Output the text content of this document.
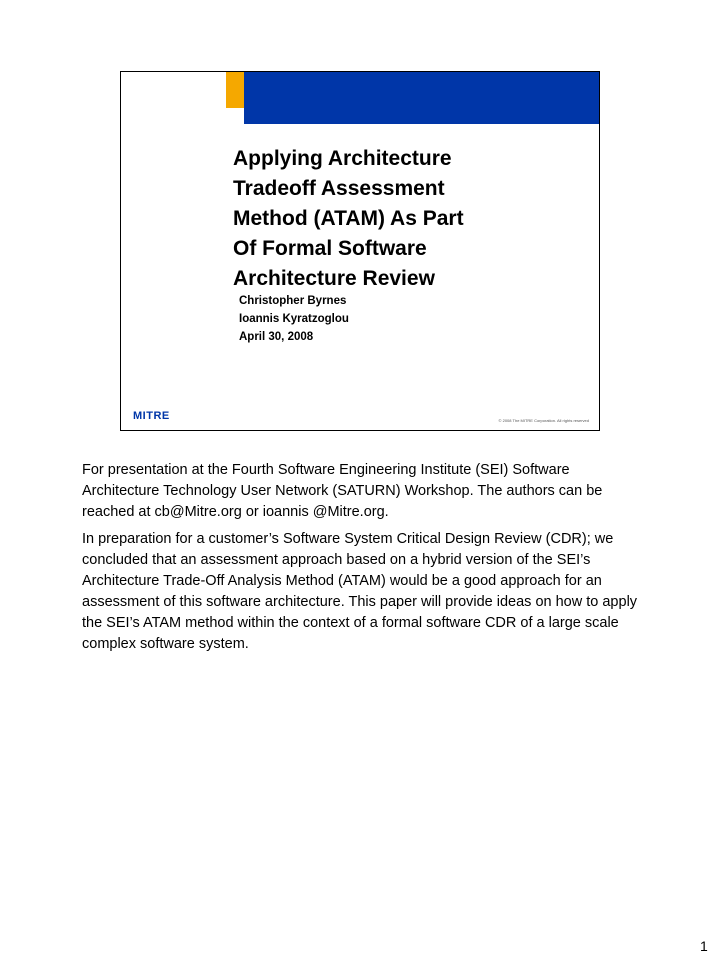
Applying Architecture
Tradeoff Assessment
Method (ATAM) As Part
Of Formal Software
Architecture Review
Christopher Byrnes
Ioannis Kyratzoglou
April 30, 2008
MITRE	© 2008 The MITRE Corporation. All rights reserved

For presentation at the Fourth Software Engineering Institute (SEI) Software Architecture Technology User Network (SATURN) Workshop. The authors can be reached at cb@Mitre.org or ioannis @Mitre.org.

In preparation for a customer’s Software System Critical Design Review (CDR); we concluded that an assessment approach based on a hybrid version of the SEI’s Architecture Trade-Off Analysis Method (ATAM) would be a good approach for an assessment of this software architecture. This paper will provide ideas on how to apply the SEI’s ATAM method within the context of a formal software CDR of a large scale complex software system.

1
